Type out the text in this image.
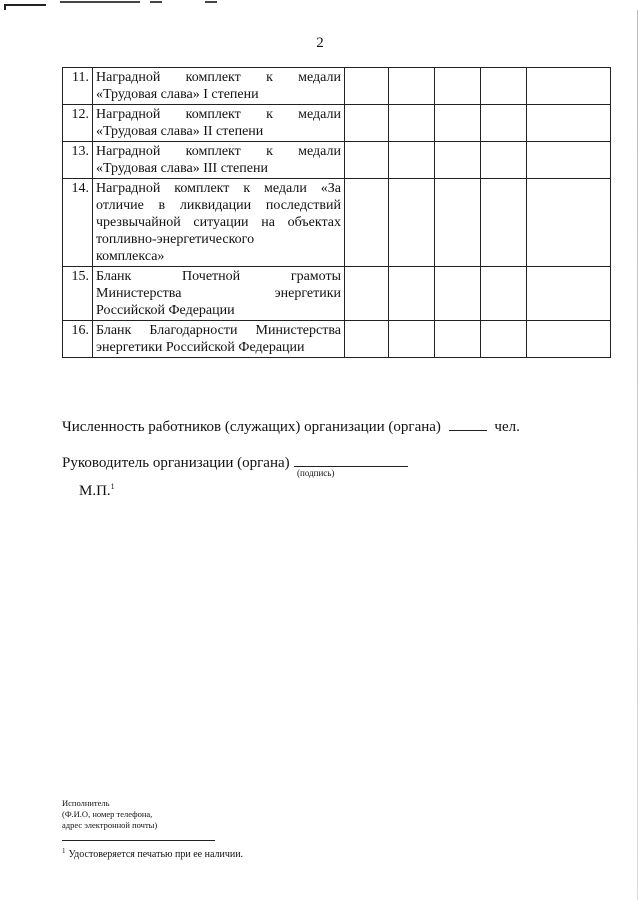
2
11.	Наградной комплект к медали
«Трудовая слава» I степени					

12.	Наградной комплект к медали
«Трудовая слава» II степени					

13.	Наградной комплект к медали
«Трудовая слава» III степени					

14.	Наградной комплект к медали «За
отличие в ликвидации последствий
чрезвычайной ситуации на объектах
топливно-энергетического
комплекса»					

15.	Бланк Почетной грамоты
Министерства энергетики
Российской Федерации					

16.	Бланк Благодарности Министерства
энергетики Российской Федерации					

Численность работников (служащих) организации (органа)	чел.
Руководитель организации (органа)
(подпись)
М.П.$^1$
Исполнитель
(Ф.И.О, номер телефона,
адрес электронной почты)
$^1$ Удостоверяется печатью при ее наличии.
